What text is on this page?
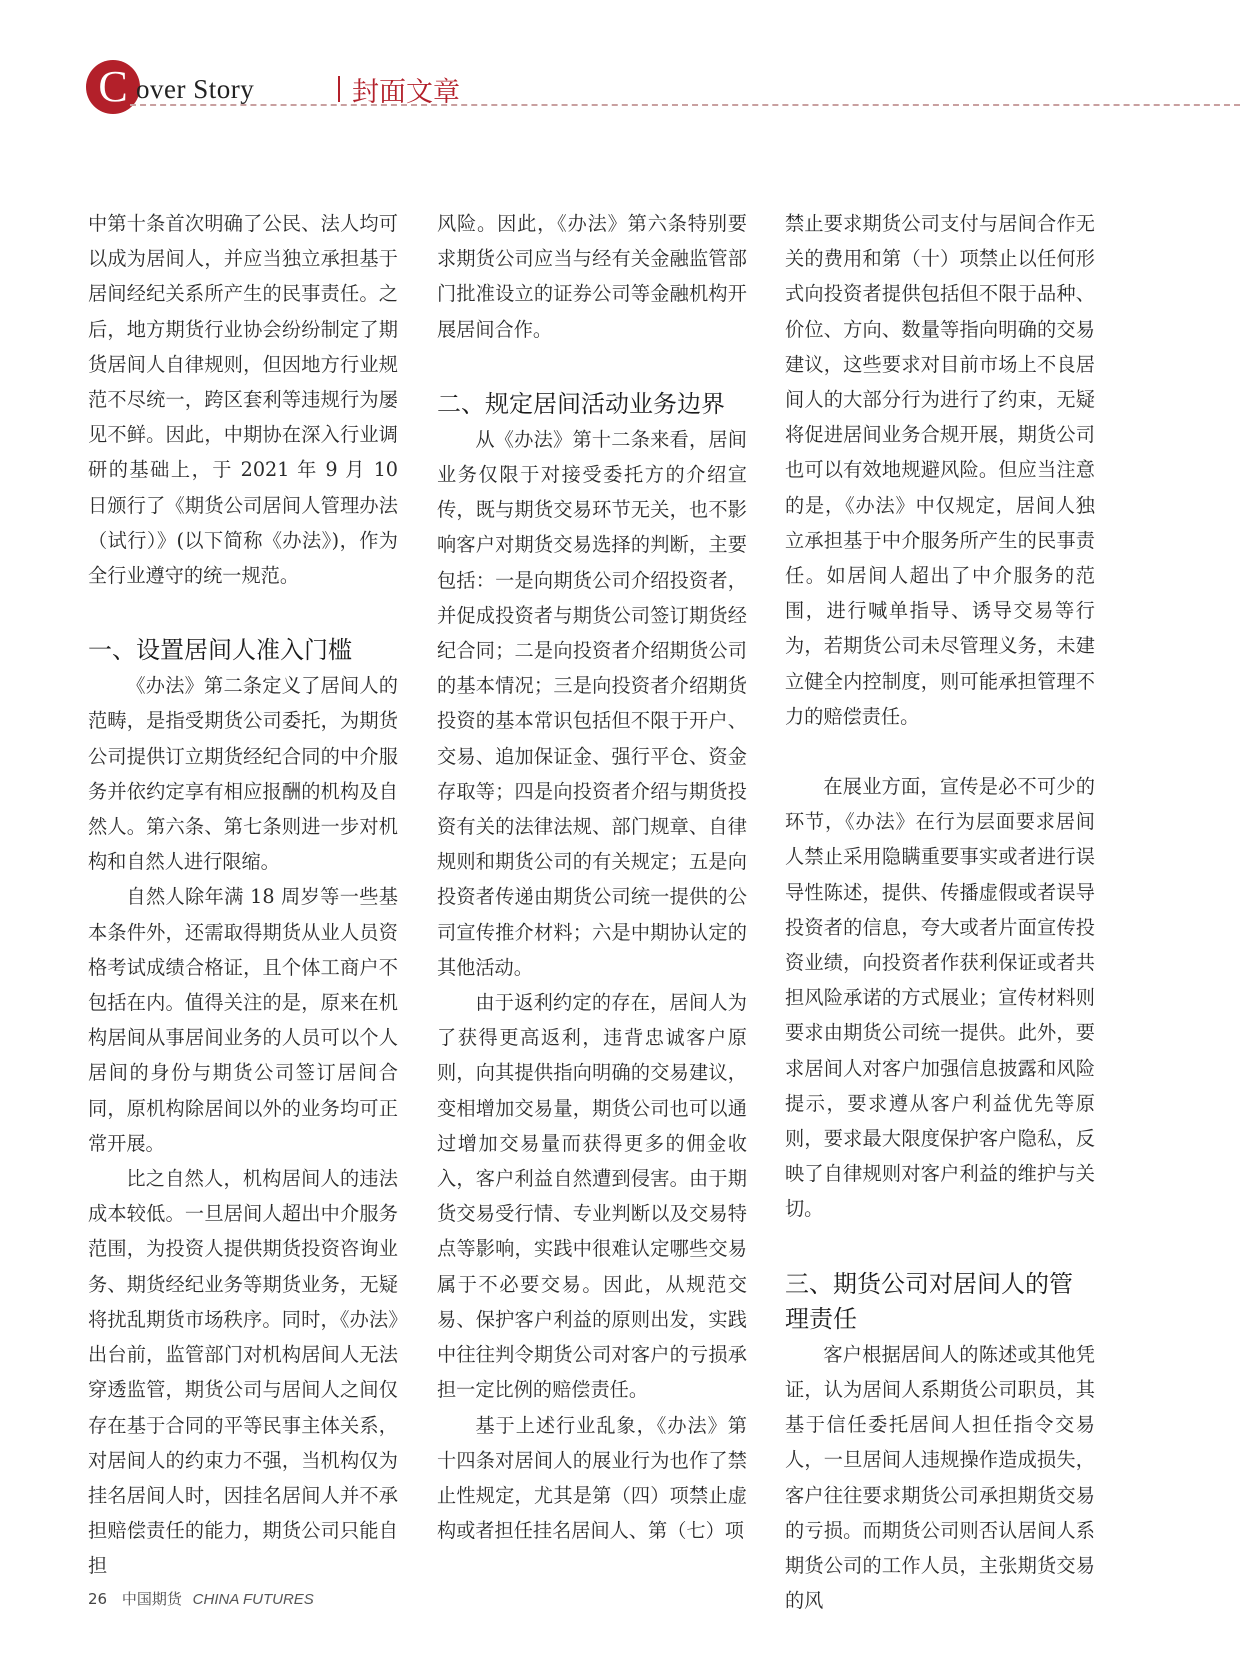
C over Story	封面文章

中第十条首次明确了公民、法人均可以成为居间人，并应当独立承担基于居间经纪关系所产生的民事责任。之后，地方期货行业协会纷纷制定了期货居间人自律规则，但因地方行业规范不尽统一，跨区套利等违规行为屡见不鲜。因此，中期协在深入行业调研的基础上，于 2021 年 9 月 10 日颁行了《期货公司居间人管理办法（试行）》(以下简称《办法》)，作为全行业遵守的统一规范。

一、设置居间人准入门槛

《办法》第二条定义了居间人的范畴，是指受期货公司委托，为期货公司提供订立期货经纪合同的中介服务并依约定享有相应报酬的机构及自然人。第六条、第七条则进一步对机构和自然人进行限缩。

自然人除年满 18 周岁等一些基本条件外，还需取得期货从业人员资格考试成绩合格证，且个体工商户不包括在内。值得关注的是，原来在机构居间从事居间业务的人员可以个人居间的身份与期货公司签订居间合同，原机构除居间以外的业务均可正常开展。

比之自然人，机构居间人的违法成本较低。一旦居间人超出中介服务范围，为投资人提供期货投资咨询业务、期货经纪业务等期货业务，无疑将扰乱期货市场秩序。同时，《办法》出台前，监管部门对机构居间人无法穿透监管，期货公司与居间人之间仅存在基于合同的平等民事主体关系，对居间人的约束力不强，当机构仅为挂名居间人时，因挂名居间人并不承担赔偿责任的能力，期货公司只能自担

风险。因此，《办法》第六条特别要求期货公司应当与经有关金融监管部门批准设立的证券公司等金融机构开展居间合作。

二、规定居间活动业务边界

从《办法》第十二条来看，居间业务仅限于对接受委托方的介绍宣传，既与期货交易环节无关，也不影响客户对期货交易选择的判断，主要包括：一是向期货公司介绍投资者，并促成投资者与期货公司签订期货经纪合同；二是向投资者介绍期货公司的基本情况；三是向投资者介绍期货投资的基本常识包括但不限于开户、交易、追加保证金、强行平仓、资金存取等；四是向投资者介绍与期货投资有关的法律法规、部门规章、自律规则和期货公司的有关规定；五是向投资者传递由期货公司统一提供的公司宣传推介材料；六是中期协认定的其他活动。

由于返利约定的存在，居间人为了获得更高返利，违背忠诚客户原则，向其提供指向明确的交易建议，变相增加交易量，期货公司也可以通过增加交易量而获得更多的佣金收入，客户利益自然遭到侵害。由于期货交易受行情、专业判断以及交易特点等影响，实践中很难认定哪些交易属于不必要交易。因此，从规范交易、保护客户利益的原则出发，实践中往往判令期货公司对客户的亏损承担一定比例的赔偿责任。

基于上述行业乱象，《办法》第十四条对居间人的展业行为也作了禁止性规定，尤其是第（四）项禁止虚构或者担任挂名居间人、第（七）项

禁止要求期货公司支付与居间合作无关的费用和第（十）项禁止以任何形式向投资者提供包括但不限于品种、价位、方向、数量等指向明确的交易建议，这些要求对目前市场上不良居间人的大部分行为进行了约束，无疑将促进居间业务合规开展，期货公司也可以有效地规避风险。但应当注意的是，《办法》中仅规定，居间人独立承担基于中介服务所产生的民事责任。如居间人超出了中介服务的范围，进行喊单指导、诱导交易等行为，若期货公司未尽管理义务，未建立健全内控制度，则可能承担管理不力的赔偿责任。

在展业方面，宣传是必不可少的环节，《办法》在行为层面要求居间人禁止采用隐瞒重要事实或者进行误导性陈述，提供、传播虚假或者误导投资者的信息，夸大或者片面宣传投资业绩，向投资者作获利保证或者共担风险承诺的方式展业；宣传材料则要求由期货公司统一提供。此外，要求居间人对客户加强信息披露和风险提示，要求遵从客户利益优先等原则，要求最大限度保护客户隐私，反映了自律规则对客户利益的维护与关切。

三、期货公司对居间人的管理责任

客户根据居间人的陈述或其他凭证，认为居间人系期货公司职员，其基于信任委托居间人担任指令交易人，一旦居间人违规操作造成损失，客户往往要求期货公司承担期货交易的亏损。而期货公司则否认居间人系期货公司的工作人员，主张期货交易的风

26 中国期货 CHINA FUTURES
